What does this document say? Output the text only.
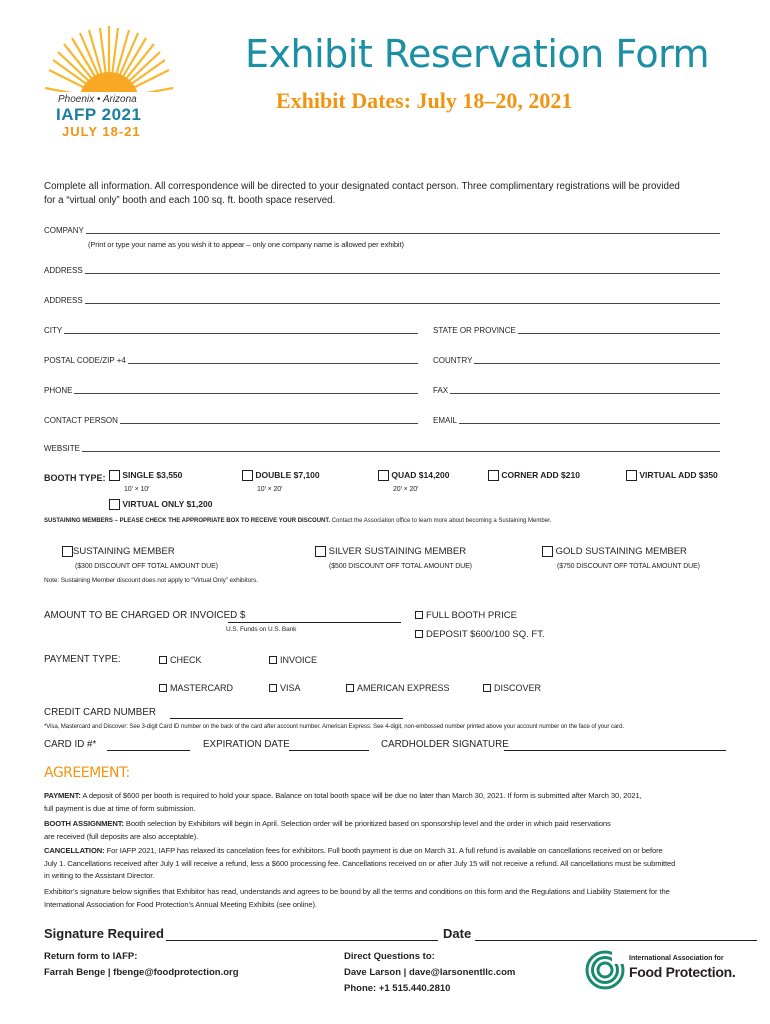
Phoenix • Arizona
IAFP 2021
JULY 18-21
Exhibit Reservation Form
Exhibit Dates: July 18–20, 2021
Complete all information. All correspondence will be directed to your designated contact person. Three complimentary registrations will be provided
for a “virtual only” booth and each 100 sq. ft. booth space reserved.
COMPANY
(Print or type your name as you wish it to appear – only one company name is allowed per exhibit)
ADDRESS
ADDRESS
CITY	STATE OR PROVINCE
POSTAL CODE/ZIP +4	COUNTRY
PHONE	FAX
CONTACT PERSON	EMAIL
WEBSITE
BOOTH TYPE:	SINGLE $3,550
10' × 10'
DOUBLE $7,100
10' × 20'
QUAD $14,200
20' × 20'
CORNER ADD $210	VIRTUAL ADD $350
VIRTUAL ONLY $1,200
SUSTAINING MEMBERS – PLEASE CHECK THE APPROPRIATE BOX TO RECEIVE YOUR DISCOUNT. Contact the Association office to learn more about becoming a Sustaining Member.
SUSTAINING MEMBER
($300 DISCOUNT OFF TOTAL AMOUNT DUE)
SILVER SUSTAINING MEMBER
($500 DISCOUNT OFF TOTAL AMOUNT DUE)
GOLD SUSTAINING MEMBER
($750 DISCOUNT OFF TOTAL AMOUNT DUE)
Note: Sustaining Member discount does not apply to “Virtual Only” exhibitors.
AMOUNT TO BE CHARGED OR INVOICED $
U.S. Funds on U.S. Bank
FULL BOOTH PRICE
DEPOSIT $600/100 SQ. FT.
PAYMENT TYPE:	CHECK	INVOICE
MASTERCARD	VISA	AMERICAN EXPRESS	DISCOVER
CREDIT CARD NUMBER
*Visa, Mastercard and Discover: See 3-digit Card ID number on the back of the card after account number. American Express: See 4-digit, non-embossed number printed above your account number on the face of your card.
CARD ID #*	EXPIRATION DATE	CARDHOLDER SIGNATURE
AGREEMENT:
PAYMENT: A deposit of $600 per booth is required to hold your space. Balance on total booth space will be due no later than March 30, 2021. If form is submitted after March 30, 2021,
full payment is due at time of form submission.
BOOTH ASSIGNMENT: Booth selection by Exhibitors will begin in April. Selection order will be prioritized based on sponsorship level and the order in which paid reservations
are received (full deposits are also acceptable).
CANCELLATION: For IAFP 2021, IAFP has relaxed its cancelation fees for exhibitors. Full booth payment is due on March 31. A full refund is available on cancellations received on or before
July 1. Cancellations received after July 1 will receive a refund, less a $600 processing fee. Cancellations received on or after July 15 will not receive a refund. All cancellations must be submitted
in writing to the Assistant Director.
Exhibitor’s signature below signifies that Exhibitor has read, understands and agrees to be bound by all the terms and conditions on this form and the Regulations and Liability Statement for the
International Association for Food Protection’s Annual Meeting Exhibits (see online).
Signature Required	Date
Return form to IAFP:
Farrah Benge | fbenge@foodprotection.org
Direct Questions to:
Dave Larson | dave@larsonentllc.com
Phone: +1 515.440.2810
International Association for
Food Protection.
